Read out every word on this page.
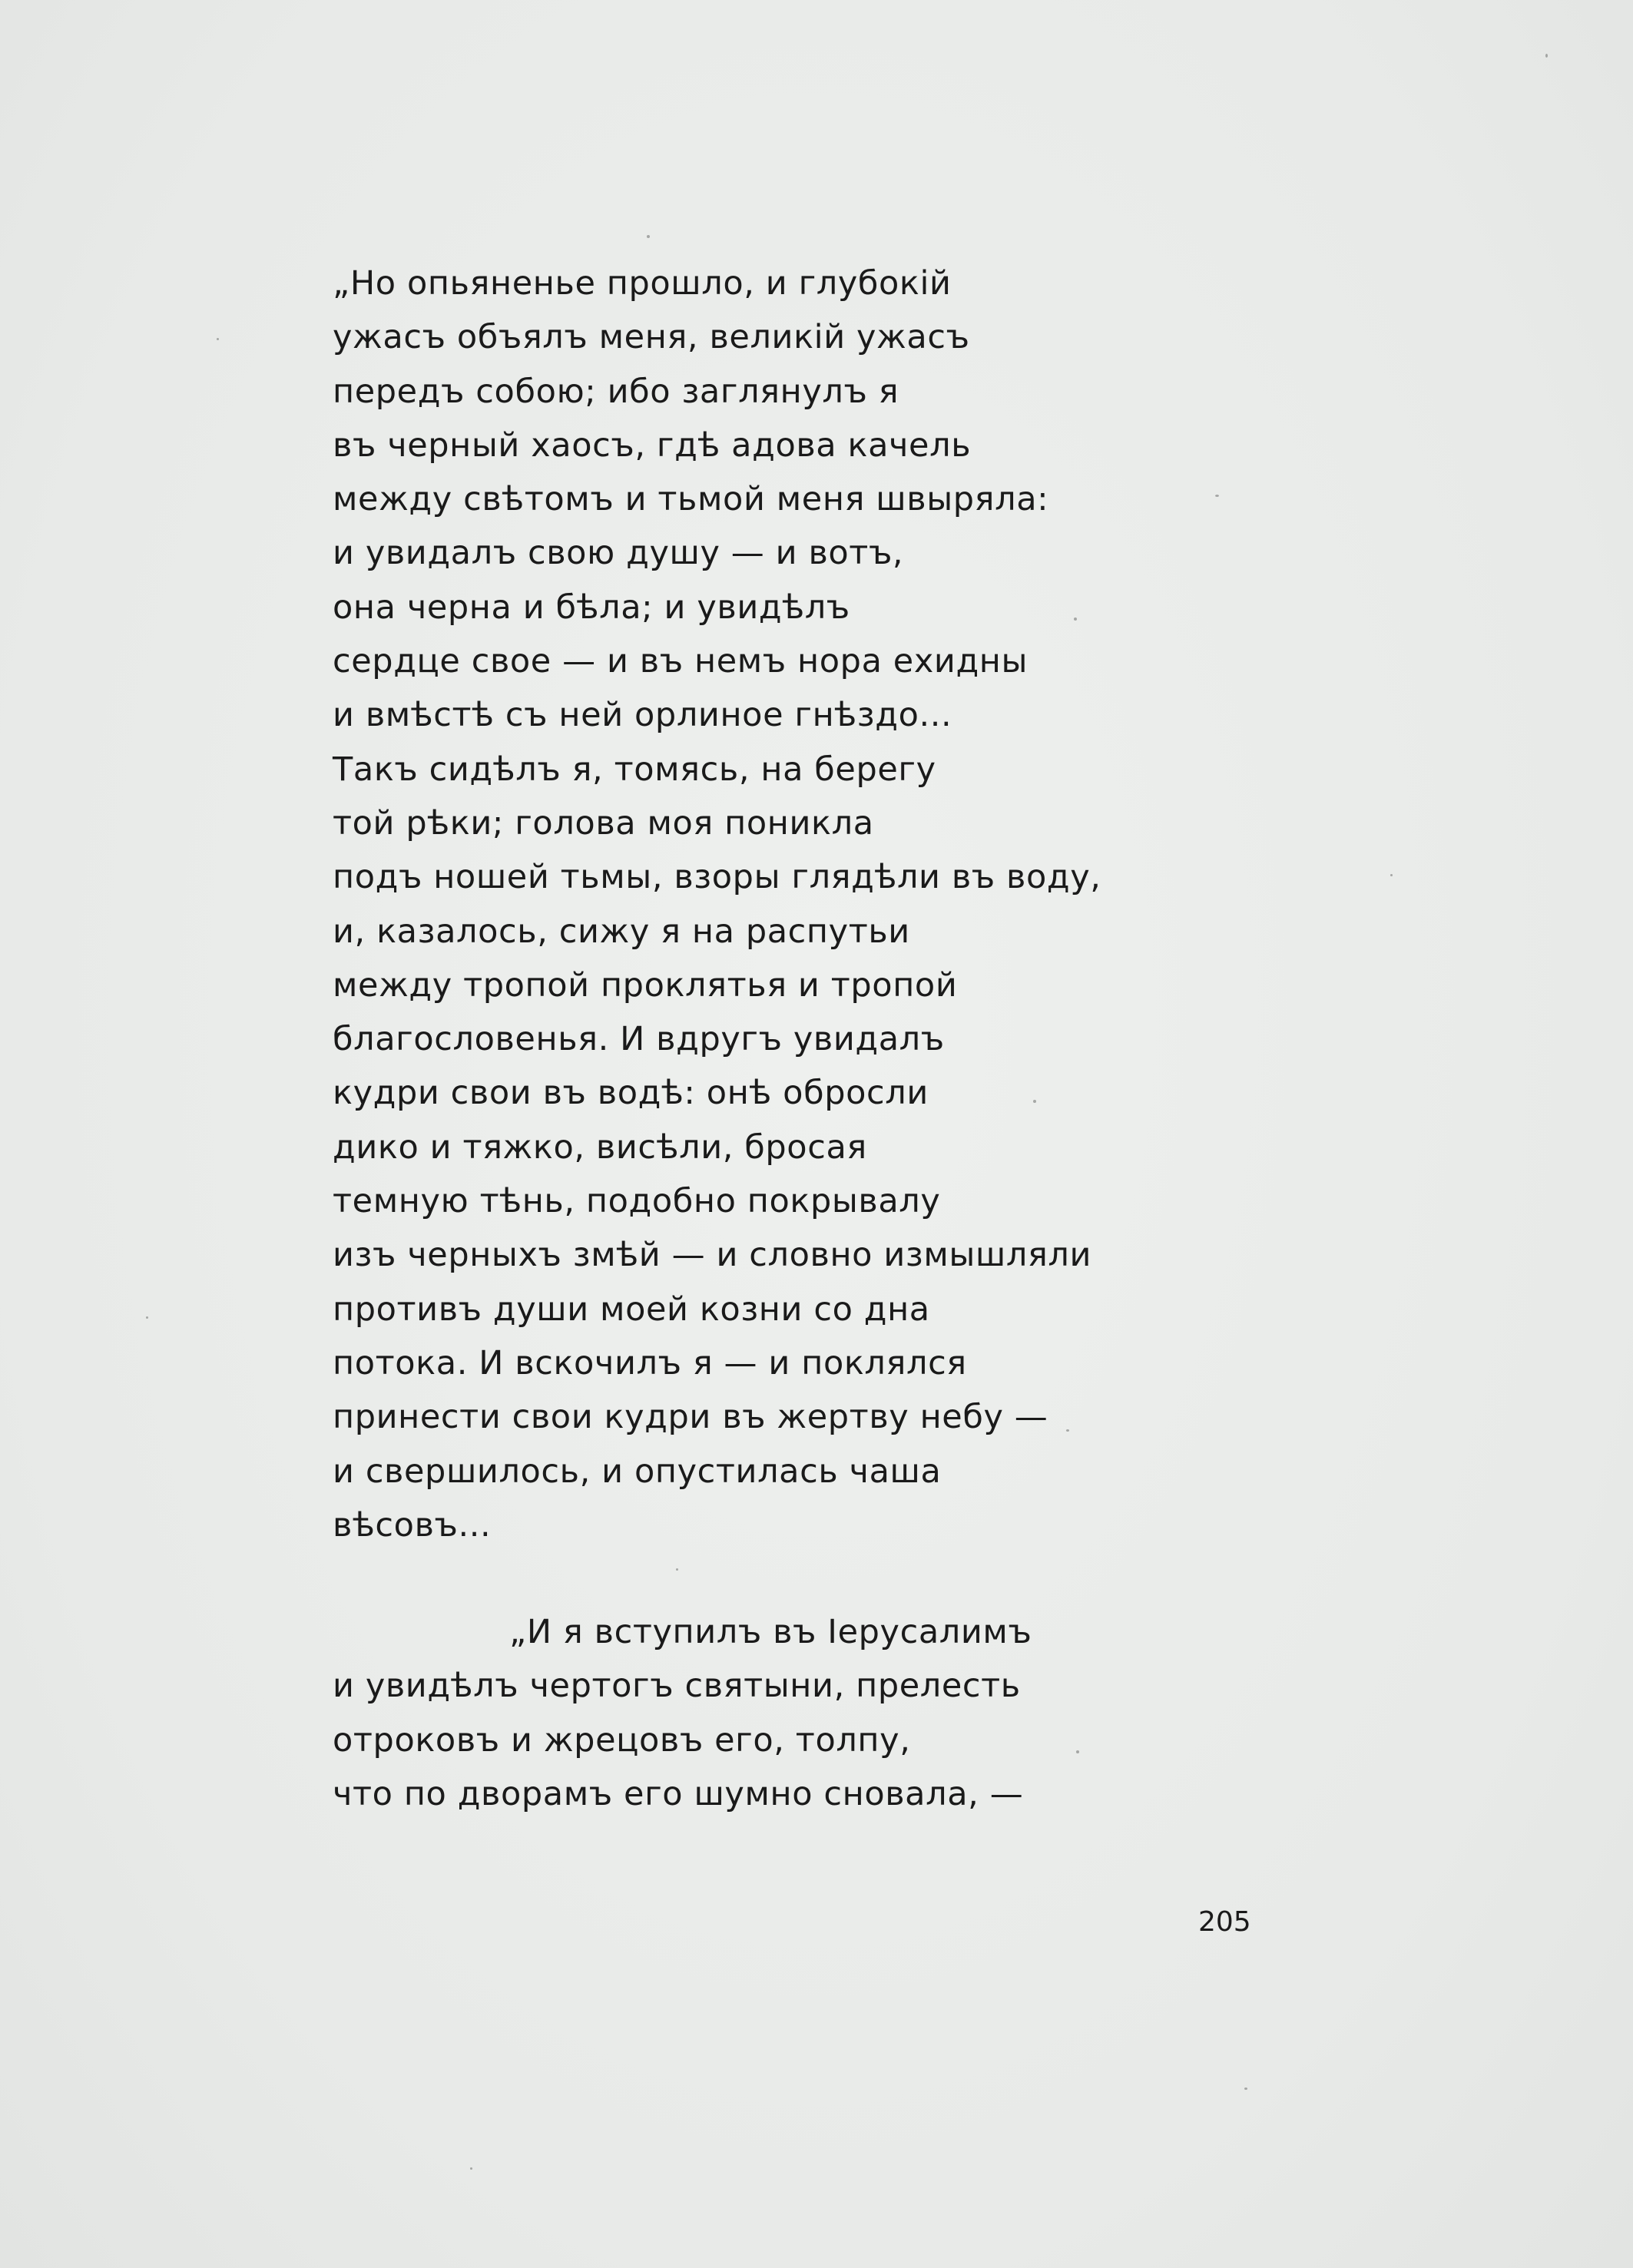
„Но опьяненье прошло, и глубокій
ужасъ объялъ меня, великій ужасъ
передъ собою; ибо заглянулъ я
въ черный хаосъ, гдѣ адова качель
между свѣтомъ и тьмой меня швыряла:
и увидалъ свою душу — и вотъ,
она черна и бѣла; и увидѣлъ
сердце свое — и въ немъ нора ехидны
и вмѣстѣ съ ней орлиное гнѣздо...
Такъ сидѣлъ я, томясь, на берегу
той рѣки; голова моя поникла
подъ ношей тьмы, взоры глядѣли въ воду,
и, казалось, сижу я на распутьи
между тропой проклятья и тропой
благословенья. И вдругъ увидалъ
кудри свои въ водѣ: онѣ обросли
дико и тяжко, висѣли, бросая
темную тѣнь, подобно покрывалу
изъ черныхъ змѣй — и словно измышляли
противъ души моей козни со дна
потока. И вскочилъ я — и поклялся
принести свои кудри въ жертву небу —
и свершилось, и опустилась чаша
вѣсовъ...
„И я вступилъ въ Іерусалимъ
и увидѣлъ чертогъ святыни, прелесть
отроковъ и жрецовъ его, толпу,
что по дворамъ его шумно сновала, —
205
